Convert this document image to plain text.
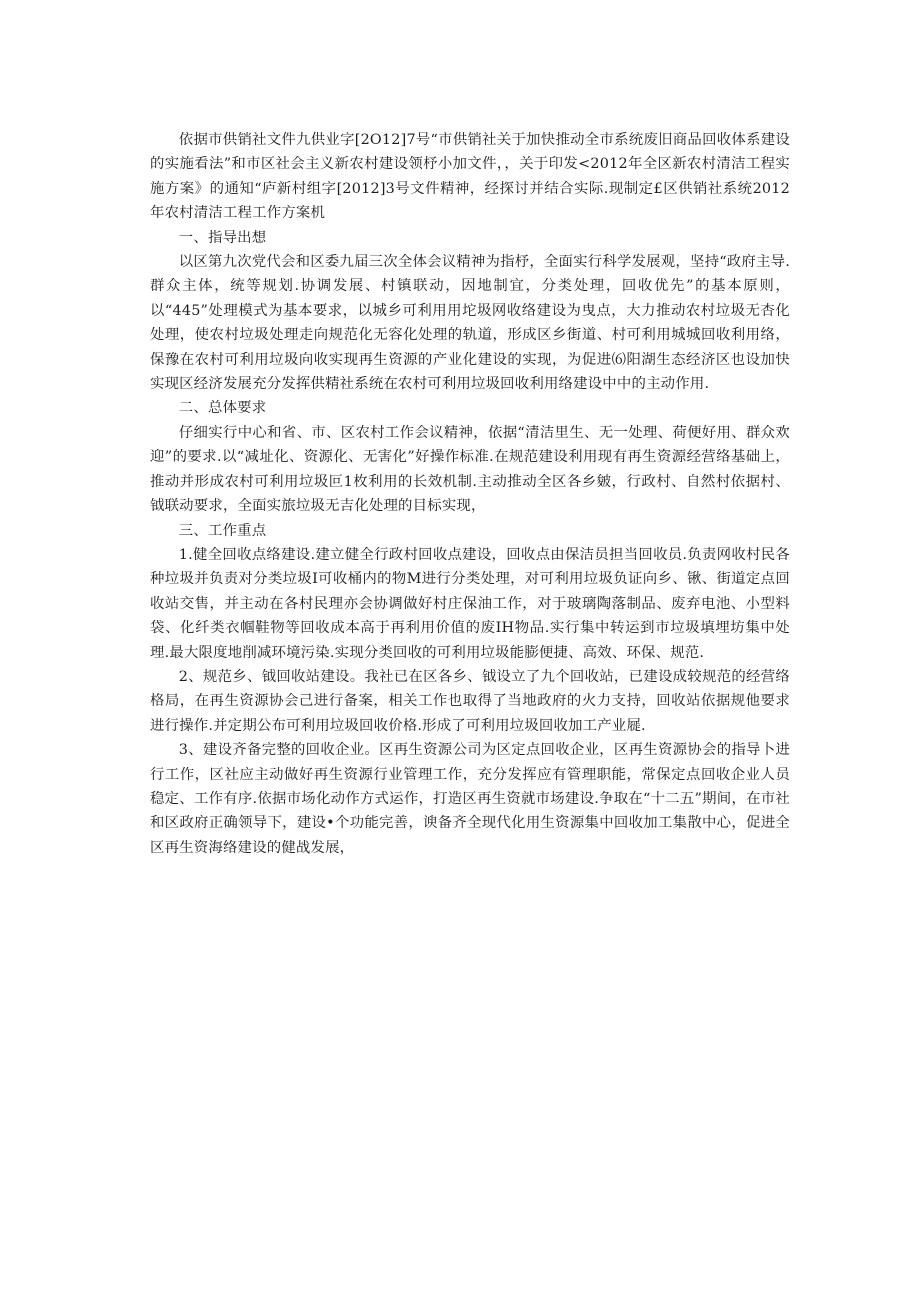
依据市供销社文件九供业字[2O12]7号“市供销社关于加快推动全市系统废旧商品回收体系建设的实施看法”和市区社会主义新农村建设领杼小加文件，，关于印发<2012年全区新农村清洁工程实施方案》的通知“庐新村组字[2012]3号文件精神，经探讨并结合实际.现制定£区供销社系统2012年农村清洁工程工作方案机

一、指导出想

以区第九次党代会和区委九届三次全体会议精神为指杼，全面实行科学发展观，坚持“政府主导.群众主体，统等规划.协调发展、村镇联动，因地制宜，分类处理，回收优先”的基本原则，以“445”处理模式为基本要求，以城乡可利用用坨圾网收络建设为曳点，大力推动农村垃圾无杏化处理，使农村垃圾处理走向规范化无容化处理的轨道，形成区乡街道、村可利用城城回收利用络，保豫在农村可利用垃圾向收实现再生资源的产业化建设的实现，为促进⑹阳湖生态经济区也设加快实现区经济发展充分发挥供精社系统在农村可利用垃圾回收利用络建设中中的主动作用.

二、总体要求

仔细实行中心和省、市、区农村工作会议精神，依据“清洁里生、无一处理、荷便好用、群众欢迎”的要求.以“减址化、资源化、无害化”好操作标准.在规范建设利用现有再生资源经营络基础上，推动并形成农村可利用垃圾叵1枚利用的长效机制.主动推动全区各乡皴，行政村、自然村依据村、钺联动要求，全面实旅垃圾无吉化处理的目标实现，

三、工作重点

1.健全回收点络建设.建立健全行政村回收点建设，回收点由保洁员担当回收员.负责网收村民各种垃圾并负责对分类垃圾I可收桶内的物M进行分类处理，对可利用垃圾负证向乡、锹、街道定点回收站交售，并主动在各村民理亦会协调做好村庄保油工作，对于玻璃陶落制品、废弃电池、小型料袋、化纤类衣帼鞋物等回收成本高于再利用价值的废IH物品.实行集中转运到市垃圾填埋坊集中处理.最大限度地削减环境污染.实现分类回收的可利用垃圾能膨便捷、高效、环保、规范.

2、规范乡、钺回收站建设。我社已在区各乡、钺设立了九个回收站，已建设成较规范的经营络格局，在再生资源协会己进行备案，相关工作也取得了当地政府的火力支持，回收站依据规他要求进行操作.并定期公布可利用垃圾回收价格.形成了可利用垃圾回收加工产业屣.

3、建设齐备完整的回收企业。区再生资源公司为区定点回收企业，区再生资源协会的指导卜进行工作，区社应主动做好再生资源行业管理工作，充分发挥应有管理职能，常保定点回收企业人员稳定、工作有序.依据市场化动作方式运作，打造区再生资就市场建设.争取在“十二五”期间，在市社和区政府正确领导下，建设•个功能完善，谀备齐全现代化用生资源集中回收加工集散中心，促进全区再生资海络建设的健战发展，
